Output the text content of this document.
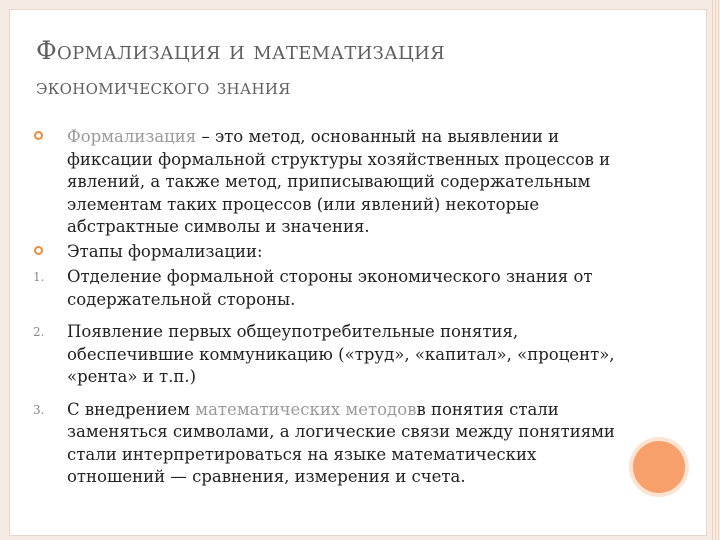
Формализация и математизация
экономического знания
Формализация – это метод, основанный на выявлении и фиксации формальной структуры хозяйственных процессов и явлений, а также метод, приписывающий содержательным элементам таких процессов (или явлений) некоторые абстрактные символы и значения.
Этапы формализации:
1. Отделение формальной стороны экономического знания от содержательной стороны.
2. Появление первых общеупотребительные понятия, обеспечившие коммуникацию («труд», «капитал», «процент», «рента» и т.п.)
3. С внедрением математических методовв понятия стали заменяться символами, а логические связи между понятиями стали интерпретироваться на языке математических отношений — сравнения, измерения и счета.
